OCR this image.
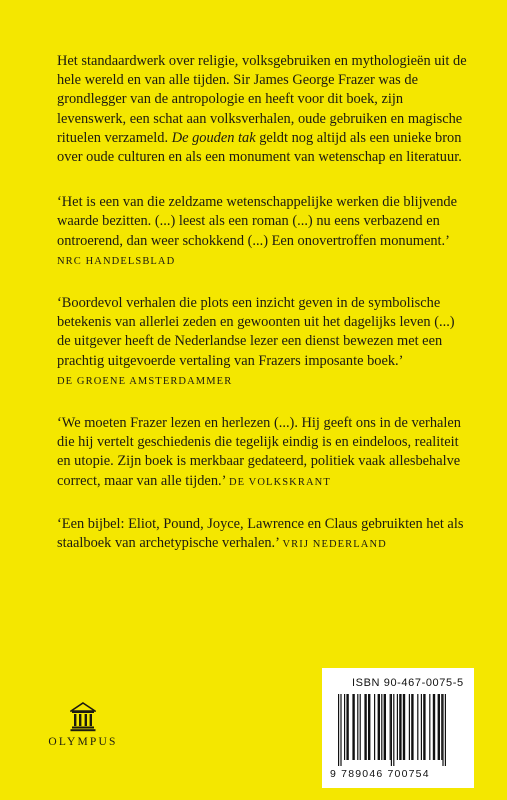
Het standaardwerk over religie, volksgebruiken en mythologieën uit de hele wereld en van alle tijden. Sir James George Frazer was de grondlegger van de antropologie en heeft voor dit boek, zijn levenswerk, een schat aan volksverhalen, oude gebruiken en magische rituelen verzameld. De gouden tak geldt nog altijd als een unieke bron over oude culturen en als een monument van wetenschap en literatuur.

‘Het is een van die zeldzame wetenschappelijke werken die blijvende waarde bezitten. (...) leest als een roman (...) nu eens verbazend en ontroerend, dan weer schokkend (...) Een onovertroffen monument.’
NRC HANDELSBLAD

‘Boordevol verhalen die plots een inzicht geven in de symbolische betekenis van allerlei zeden en gewoonten uit het dagelijks leven (...) de uitgever heeft de Nederlandse lezer een dienst bewezen met een prachtig uitgevoerde vertaling van Frazers imposante boek.’
DE GROENE AMSTERDAMMER

‘We moeten Frazer lezen en herlezen (...). Hij geeft ons in de verhalen die hij vertelt geschiedenis die tegelijk eindig is en eindeloos, realiteit en utopie. Zijn boek is merkbaar gedateerd, politiek vaak allesbehalve correct, maar van alle tijden.’ DE VOLKSKRANT

‘Een bijbel: Eliot, Pound, Joyce, Lawrence en Claus gebruikten het als staalboek van archetypische verhalen.’ VRIJ NEDERLAND

OLYMPUS
ISBN 90-467-0075-5
9 789046 700754
